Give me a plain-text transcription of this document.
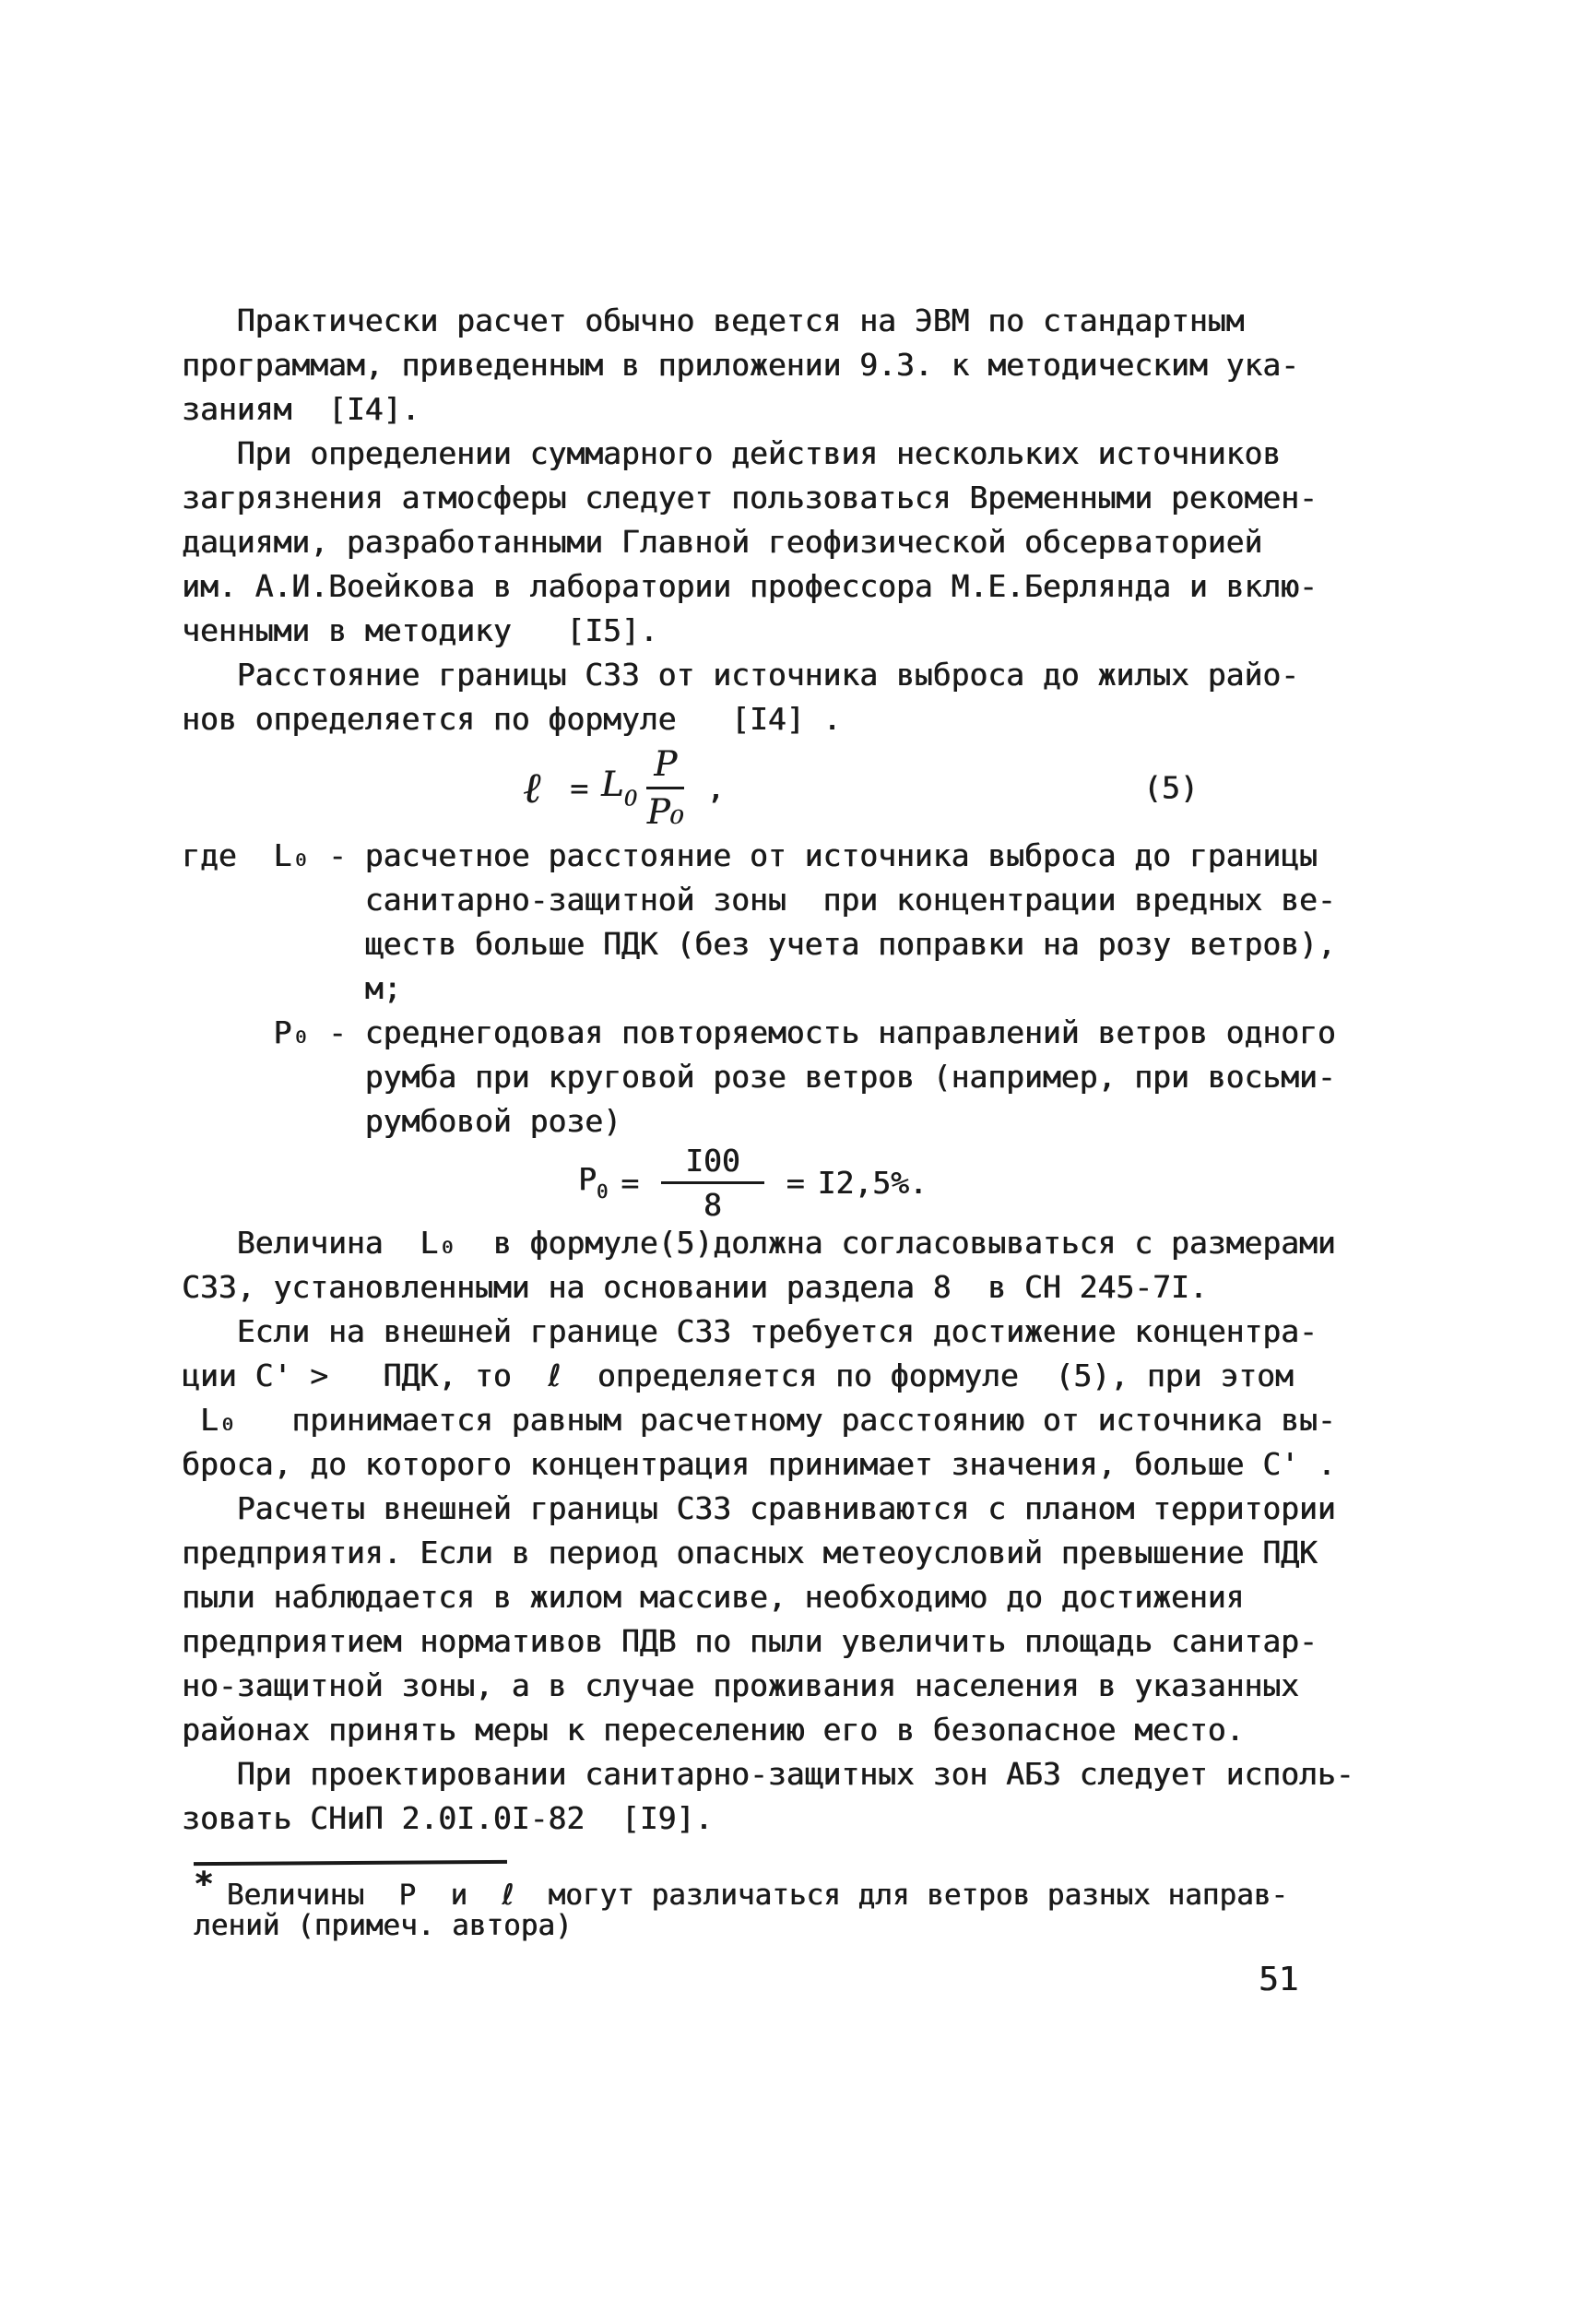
Практически расчет обычно ведется на ЭВМ по стандартным
программам, приведенным в приложении 9.3. к методическим ука-
заниям  [I4].
При определении суммарного действия нескольких источников
загрязнения атмосферы следует пользоваться Временными рекомен-
дациями, разработанными Главной геофизической обсерваторией
им. А.И.Воейкова в лаборатории профессора М.Е.Берлянда и вклю-
ченными в методику   [I5].
Расстояние границы СЗЗ от источника выброса до жилых райо-
нов определяется по формуле   [I4] .
ℓ = $L_0 \frac{Р}{\text{Р₀}}$ ,	(5)
где  L₀ - расчетное расстояние от источника выброса до границы
санитарно-защитной зоны  при концентрации вредных ве-
ществ больше ПДК (без учета поправки на розу ветров),
м;
Р₀ - среднегодовая повторяемость направлений ветров одного
румба при круговой розе ветров (например, при восьми-
румбовой розе)
$Р_0 = \frac{I00}{8} = I2,5\%$.
Величина  L₀  в формуле(5)должна согласовываться с размерами
СЗЗ, установленными на основании раздела 8  в СН 245-7I.
Если на внешней границе СЗЗ требуется достижение концентра-
ции С' >   ПДК, то  ℓ  определяется по формуле  (5), при этом
L₀   принимается равным расчетному расстоянию от источника вы-
броса, до которого концентрация принимает значения, больше С' .
Расчеты внешней границы СЗЗ сравниваются с планом территории
предприятия. Если в период опасных метеоусловий превышение ПДК
пыли наблюдается в жилом массиве, необходимо до достижения
предприятием нормативов ПДВ по пыли увеличить площадь санитар-
но-защитной зоны, а в случае проживания населения в указанных
районах принять меры к переселению его в безопасное место.
При проектировании санитарно-защитных зон АБЗ следует исполь-
зовать СНиП 2.0I.0I-82  [I9].
* Величины  Р  и  ℓ  могут различаться для ветров разных направ-
лений (примеч. автора)
51
